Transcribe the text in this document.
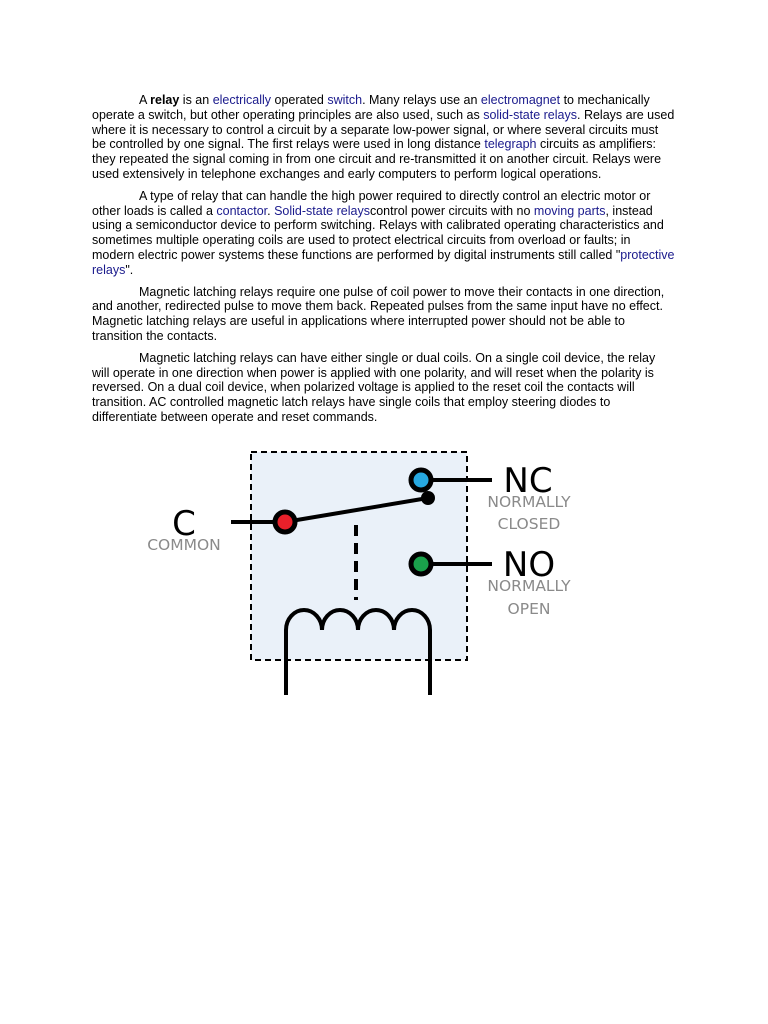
A relay is an electrically operated switch. Many relays use an electromagnet to mechanically operate a switch, but other operating principles are also used, such as solid-state relays. Relays are used where it is necessary to control a circuit by a separate low-power signal, or where several circuits must be controlled by one signal. The first relays were used in long distance telegraph circuits as amplifiers: they repeated the signal coming in from one circuit and re-transmitted it on another circuit. Relays were used extensively in telephone exchanges and early computers to perform logical operations.

A type of relay that can handle the high power required to directly control an electric motor or other loads is called a contactor. Solid-state relayscontrol power circuits with no moving parts, instead using a semiconductor device to perform switching. Relays with calibrated operating characteristics and sometimes multiple operating coils are used to protect electrical circuits from overload or faults; in modern electric power systems these functions are performed by digital instruments still called "protective relays".

Magnetic latching relays require one pulse of coil power to move their contacts in one direction, and another, redirected pulse to move them back. Repeated pulses from the same input have no effect. Magnetic latching relays are useful in applications where interrupted power should not be able to transition the contacts.

Magnetic latching relays can have either single or dual coils. On a single coil device, the relay will operate in one direction when power is applied with one polarity, and will reset when the polarity is reversed. On a dual coil device, when polarized voltage is applied to the reset coil the contacts will transition. AC controlled magnetic latch relays have single coils that employ steering diodes to differentiate between operate and reset commands.

C
COMMON
NC
NORMALLY
CLOSED
NO
NORMALLY
OPEN
